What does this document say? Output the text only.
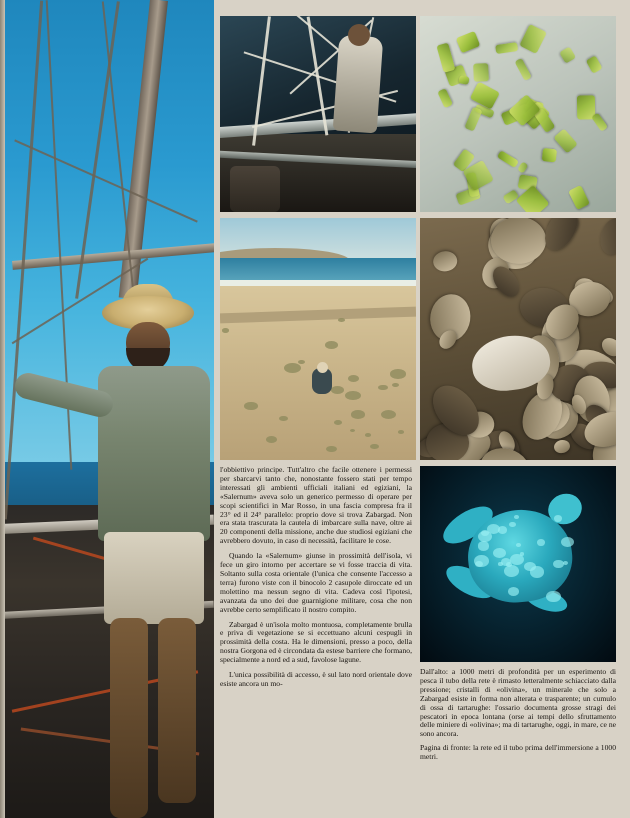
l'obbiettivo principe. Tutt'altro che facile ottenere i permessi per sbarcarvi tanto che, nonostante fossero stati per tempo interessati gli ambienti ufficiali italiani ed egiziani, la «Salernum» aveva solo un generico permesso di operare per scopi scientifici in Mar Rosso, in una fascia compresa fra il 23° ed il 24° parallelo: proprio dove si trova Zabargad. Non era stata trascurata la cautela di imbarcare sulla nave, oltre ai 20 componenti della missione, anche due studiosi egiziani che avrebbero dovuto, in caso di necessità, facilitare le cose.

Quando la «Salernum» giunse in prossimità dell'isola, vi fece un giro intorno per accertare se vi fosse traccia di vita. Soltanto sulla costa orientale (l'unica che consente l'accesso a terra) furono viste con il binocolo 2 casupole diroccate ed un molettino ma nessun segno di vita. Cadeva così l'ipotesi, avanzata da uno dei due guarnigione militare, cosa che non avrebbe certo semplificato il nostro compito.

Zabargad è un'isola molto montuosa, completamente brulla e priva di vegetazione se si eccettuano alcuni cespugli in prossimità della costa. Ha le dimensioni, presso a poco, della nostra Gorgona ed è circondata da estese barriere che formano, specialmente a nord ed a sud, favolose lagune.

L'unica possibilità di accesso, è sul lato nord orientale dove esiste ancora un mo-

Dall'alto: a 1000 metri di profondità per un esperimento di pesca il tubo della rete è rimasto letteralmente schiacciato dalla pressione; cristalli di «olivina», un minerale che solo a Zabargad esiste in forma non alterata e trasparente; un cumulo di ossa di tartarughe: l'ossario documenta grosse stragi dei pescatori in epoca lontana (orse ai tempi dello sfruttamento delle miniere di «olivina»; ma di tartarughe, oggi, in mare, ce ne sono ancora.

Pagina di fronte: la rete ed il tubo prima dell'immersione a 1000 metri.
